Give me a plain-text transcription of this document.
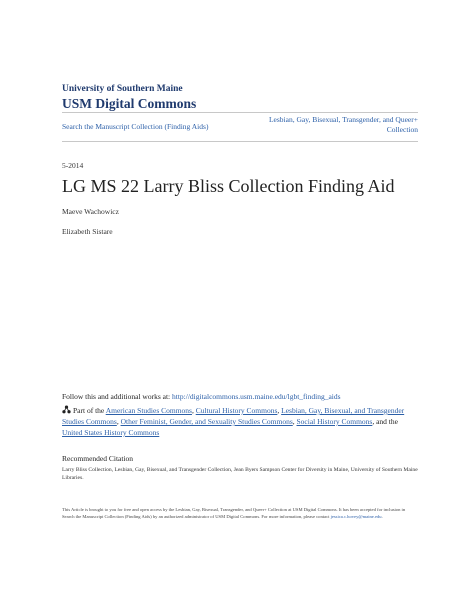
University of Southern Maine
USM Digital Commons
Search the Manuscript Collection (Finding Aids)
Lesbian, Gay, Bisexual, Transgender, and Queer+ Collection
5-2014
LG MS 22 Larry Bliss Collection Finding Aid
Maeve Wachowicz
Elizabeth Sistare
Follow this and additional works at: http://digitalcommons.usm.maine.edu/lgbt_finding_aids
Part of the American Studies Commons, Cultural History Commons, Lesbian, Gay, Bisexual, and Transgender Studies Commons, Other Feminist, Gender, and Sexuality Studies Commons, Social History Commons, and the United States History Commons
Recommended Citation
Larry Bliss Collection, Lesbian, Gay, Bisexual, and Transgender Collection, Jean Byers Sampson Center for Diversity in Maine, University of Southern Maine Libraries.
This Article is brought to you for free and open access by the Lesbian, Gay, Bisexual, Transgender, and Queer+ Collection at USM Digital Commons. It has been accepted for inclusion in Search the Manuscript Collection (Finding Aids) by an authorized administrator of USM Digital Commons. For more information, please contact jessica.c.hovey@maine.edu.
